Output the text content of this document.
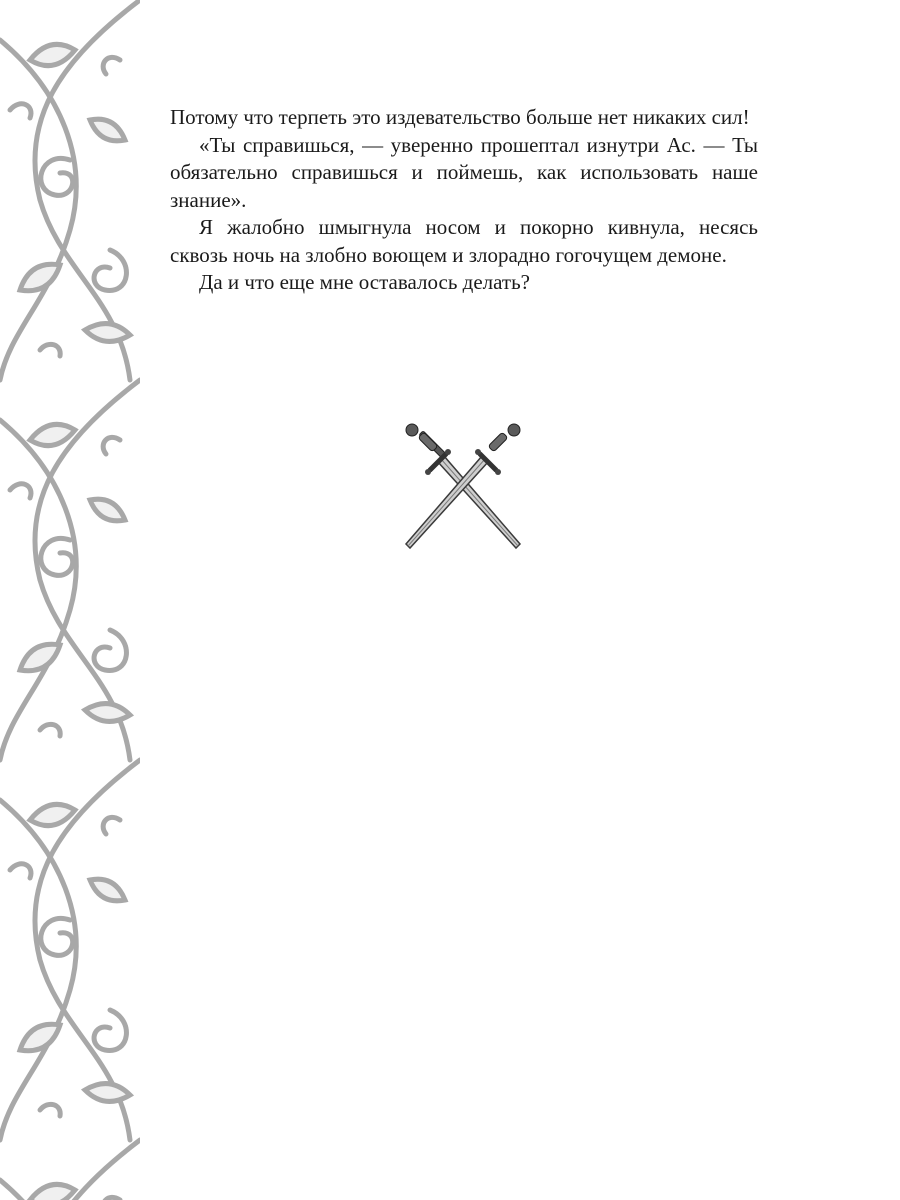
Потому что терпеть это издевательство больше нет никаких сил!

«Ты справишься, — уверенно прошептал изнутри Ас. — Ты обязательно справишься и поймешь, как использовать наше знание».

Я жалобно шмыгнула носом и покорно кивнула, несясь сквозь ночь на злобно воющем и злорадно гогочущем демоне.

Да и что еще мне оставалось делать?
